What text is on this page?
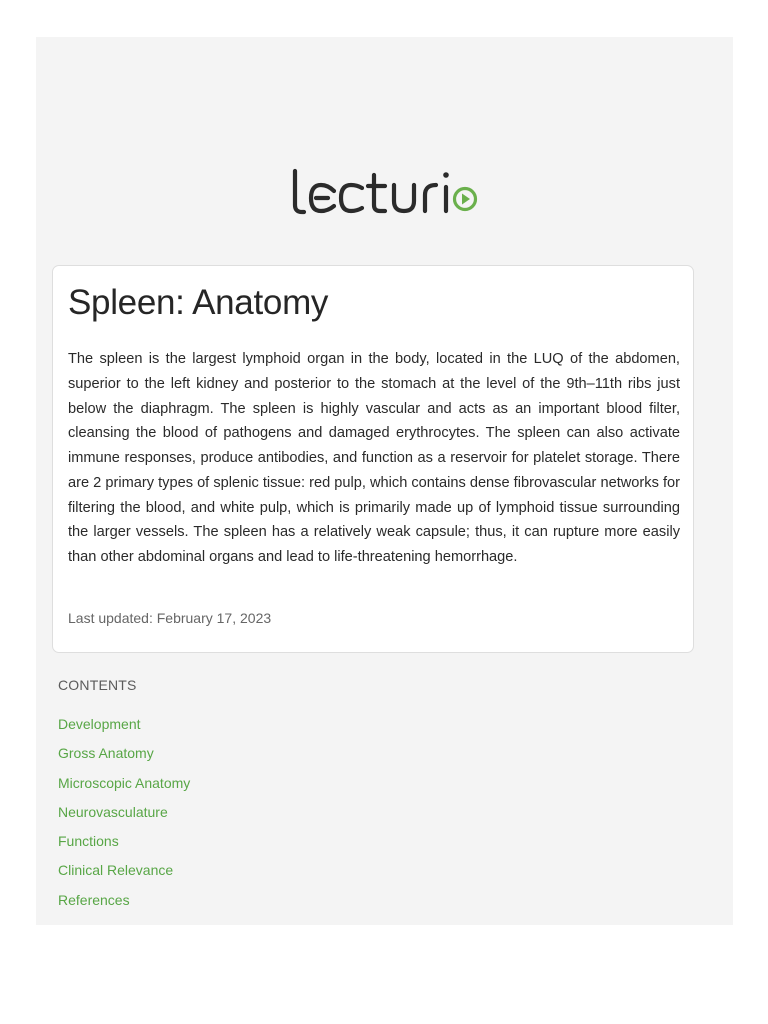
Spleen: Anatomy

The spleen is the largest lymphoid organ in the body, located in the LUQ of the abdomen, superior to the left kidney and posterior to the stomach at the level of the 9th–11th ribs just below the diaphragm. The spleen is highly vascular and acts as an important blood filter, cleansing the blood of pathogens and damaged erythrocytes. The spleen can also activate immune responses, produce antibodies, and function as a reservoir for platelet storage. There are 2 primary types of splenic tissue: red pulp, which contains dense fibrovascular networks for filtering the blood, and white pulp, which is primarily made up of lymphoid tissue surrounding the larger vessels. The spleen has a relatively weak capsule; thus, it can rupture more easily than other abdominal organs and lead to life-threatening hemorrhage.

Last updated: February 17, 2023

CONTENTS

Development
Gross Anatomy
Microscopic Anatomy
Neurovasculature
Functions
Clinical Relevance
References
